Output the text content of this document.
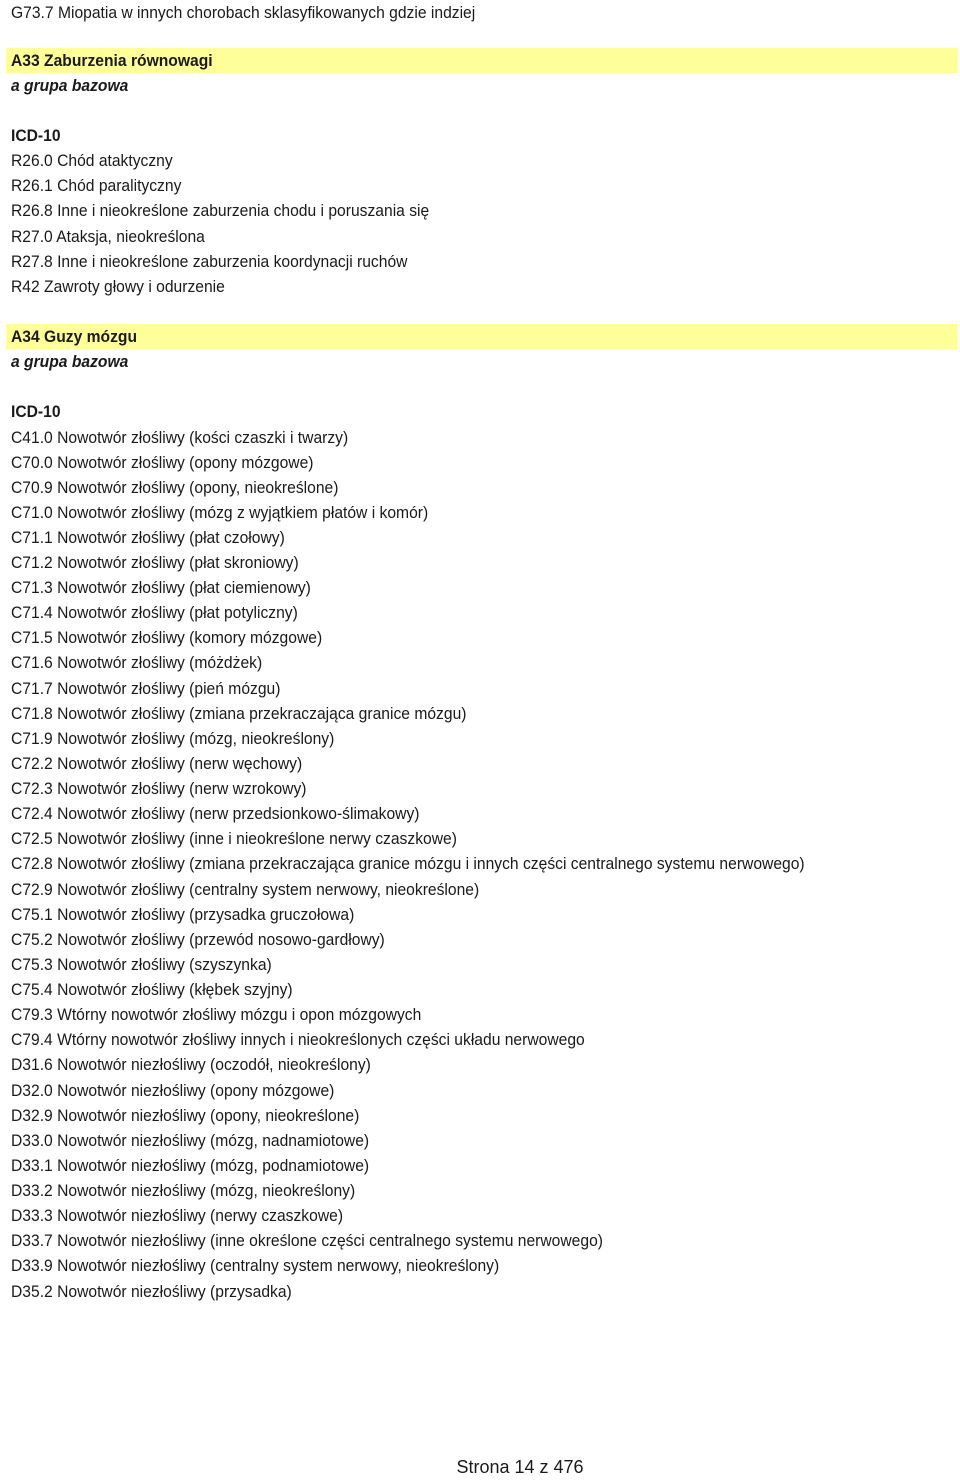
G73.7 Miopatia w innych chorobach sklasyfikowanych gdzie indziej
A33 Zaburzenia równowagi
a grupa bazowa
ICD-10
R26.0 Chód ataktyczny
R26.1 Chód paralityczny
R26.8 Inne i nieokreślone zaburzenia chodu i poruszania się
R27.0 Ataksja, nieokreślona
R27.8 Inne i nieokreślone zaburzenia koordynacji ruchów
R42 Zawroty głowy i odurzenie
A34 Guzy mózgu
a grupa bazowa
ICD-10
C41.0 Nowotwór złośliwy (kości czaszki i twarzy)
C70.0 Nowotwór złośliwy (opony mózgowe)
C70.9 Nowotwór złośliwy (opony, nieokreślone)
C71.0 Nowotwór złośliwy (mózg z wyjątkiem płatów i komór)
C71.1 Nowotwór złośliwy (płat czołowy)
C71.2 Nowotwór złośliwy (płat skroniowy)
C71.3 Nowotwór złośliwy (płat ciemienowy)
C71.4 Nowotwór złośliwy (płat potyliczny)
C71.5 Nowotwór złośliwy (komory mózgowe)
C71.6 Nowotwór złośliwy (móżdżek)
C71.7 Nowotwór złośliwy (pień mózgu)
C71.8 Nowotwór złośliwy (zmiana przekraczająca granice mózgu)
C71.9 Nowotwór złośliwy (mózg, nieokreślony)
C72.2 Nowotwór złośliwy (nerw węchowy)
C72.3 Nowotwór złośliwy (nerw wzrokowy)
C72.4 Nowotwór złośliwy (nerw przedsionkowo-ślimakowy)
C72.5 Nowotwór złośliwy (inne i nieokreślone nerwy czaszkowe)
C72.8 Nowotwór złośliwy (zmiana przekraczająca granice mózgu i innych części centralnego systemu nerwowego)
C72.9 Nowotwór złośliwy (centralny system nerwowy, nieokreślone)
C75.1 Nowotwór złośliwy (przysadka gruczołowa)
C75.2 Nowotwór złośliwy (przewód nosowo-gardłowy)
C75.3 Nowotwór złośliwy (szyszynka)
C75.4 Nowotwór złośliwy (kłębek szyjny)
C79.3 Wtórny nowotwór złośliwy mózgu i opon mózgowych
C79.4 Wtórny nowotwór złośliwy innych i nieokreślonych części układu nerwowego
D31.6 Nowotwór niezłośliwy (oczodół, nieokreślony)
D32.0 Nowotwór niezłośliwy (opony mózgowe)
D32.9 Nowotwór niezłośliwy (opony, nieokreślone)
D33.0 Nowotwór niezłośliwy (mózg, nadnamiotowe)
D33.1 Nowotwór niezłośliwy (mózg, podnamiotowe)
D33.2 Nowotwór niezłośliwy (mózg, nieokreślony)
D33.3 Nowotwór niezłośliwy (nerwy czaszkowe)
D33.7 Nowotwór niezłośliwy (inne określone części centralnego systemu nerwowego)
D33.9 Nowotwór niezłośliwy (centralny system nerwowy, nieokreślony)
D35.2 Nowotwór niezłośliwy (przysadka)
Strona 14 z 476
